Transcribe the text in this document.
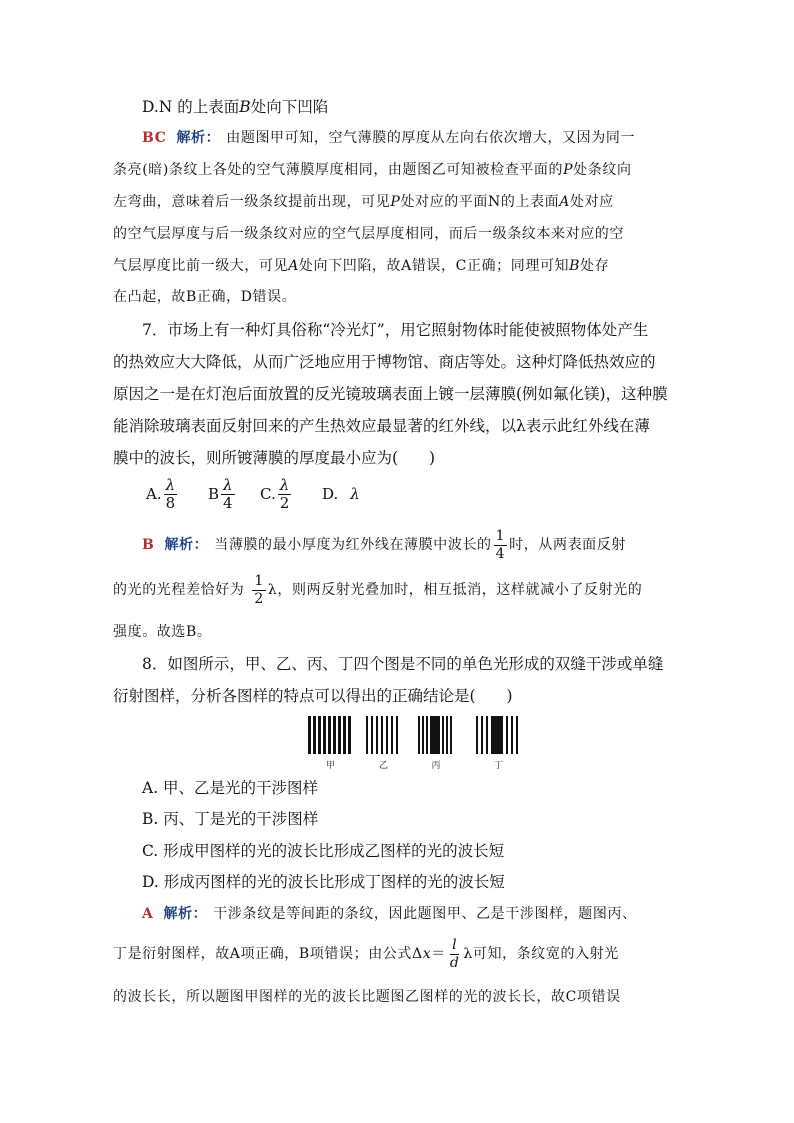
D.N 的上表面B处向下凹陷
BC 解析： 由题图甲可知，空气薄膜的厚度从左向右依次增大，又因为同一
条亮(暗)条纹上各处的空气薄膜厚度相同，由题图乙可知被检查平面的P处条纹向
左弯曲，意味着后一级条纹提前出现，可见P处对应的平面N的上表面A处对应
的空气层厚度与后一级条纹对应的空气层厚度相同，而后一级条纹本来对应的空
气层厚度比前一级大，可见A处向下凹陷，故A错误，C正确；同理可知B处存
在凸起，故B正确，D错误。
7．市场上有一种灯具俗称“冷光灯”，用它照射物体时能使被照物体处产生
的热效应大大降低，从而广泛地应用于博物馆、商店等处。这种灯降低热效应的
原因之一是在灯泡后面放置的反光镜玻璃表面上镀一层薄膜(例如氟化镁)，这种膜
能消除玻璃表面反射回来的产生热效应最显著的红外线，以λ表示此红外线在薄
膜中的波长，则所镀薄膜的厚度最小应为(　　)
A. $\frac{\lambda}{8}$ B $\frac{\lambda}{4} C$. $\frac{\lambda}{2} D$. λ
B 解析： 当薄膜的最小厚度为红外线在薄膜中波长的 $\frac{1}{4}$ 时，从两表面反射
的光的光程差恰好为 $\frac{1}{2}$ λ，则两反射光叠加时，相互抵消，这样就减小了反射光的
强度。故选B。
8．如图所示，甲、乙、丙、丁四个图是不同的单色光形成的双缝干涉或单缝
衍射图样，分析各图样的特点可以得出的正确结论是(　　)
甲	乙	丙	丁
A. 甲、乙是光的干涉图样
B. 丙、丁是光的干涉图样
C. 形成甲图样的光的波长比形成乙图样的光的波长短
D. 形成丙图样的光的波长比形成丁图样的光的波长短
A 解析： 干涉条纹是等间距的条纹，因此题图甲、乙是干涉图样，题图丙、
丁是衍射图样，故A项正确，B项错误；由公式Δ $x = \frac{l}{d}$ λ可知，条纹宽的入射光
的波长长，所以题图甲图样的光的波长比题图乙图样的光的波长长，故C项错误
